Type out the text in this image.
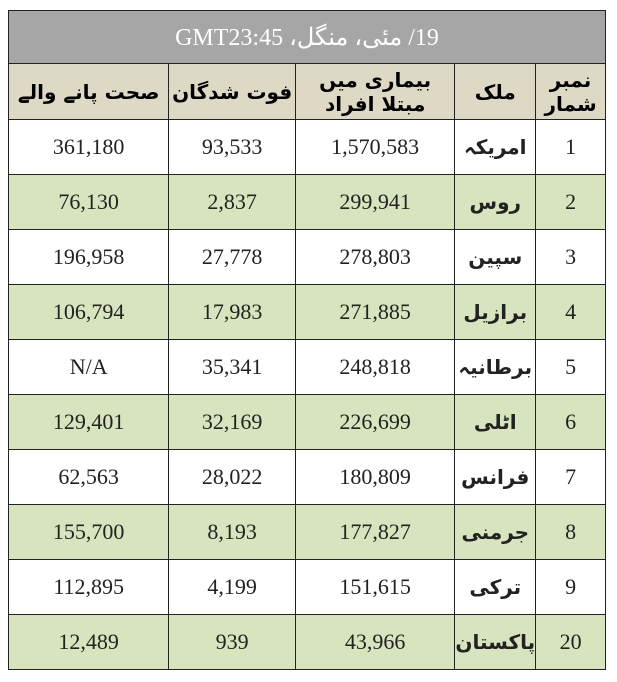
19/ مئی، منگل، GMT23:45				
نمبر شمار	ملک	بیماری میں مبتلا افراد	فوت شدگان	صحت پانے والے
1	امریکہ	1,570,583	93,533	361,180
2	روس	299,941	2,837	76,130
3	سپین	278,803	27,778	196,958
4	برازیل	271,885	17,983	106,794
5	برطانیہ	248,818	35,341	N/A
6	اٹلی	226,699	32,169	129,401
7	فرانس	180,809	28,022	62,563
8	جرمنی	177,827	8,193	155,700
9	ترکی	151,615	4,199	112,895
20	پاکستان	43,966	939	12,489
